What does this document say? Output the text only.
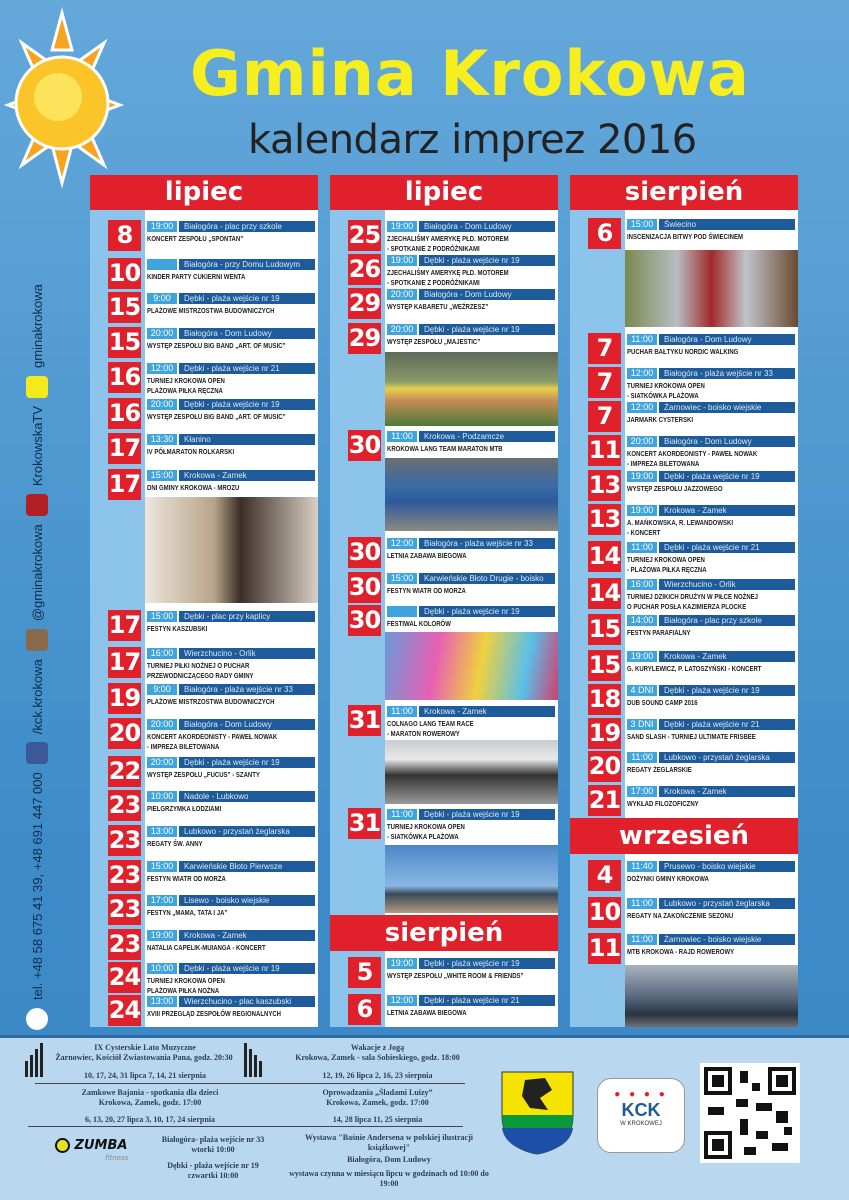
Gmina Krokowa
kalendarz imprez 2016
tel. +48 58 675 41 39, +48 691 447 000
/kck.krokowa
@gminakrokowa
KrokowskaTV
gminakrokowa
lipiec
8	19:00	Białogóra - plac przy szkole
KONCERT ZESPOŁU „SPONTAN”
10	Białogóra - przy Domu Ludowym
KINDER PARTY CUKIERNI WENTA
15	9:00	Dębki - plaża wejście nr 19
PLAŻOWE MISTRZOSTWA BUDOWNICZYCH
15	20:00	Białogóra - Dom Ludowy
WYSTĘP ZESPOŁU BIG BAND „ART. OF MUSIC”
16	12:00	Dębki - plaża wejście nr 21
TURNIEJ KROKOWA OPEN
PLAŻOWA PIŁKA RĘCZNA
16	20:00	Dębki - plaża wejście nr 19
WYSTĘP ZESPOŁU BIG BAND „ART. OF MUSIC”
17	13:30	Kłanino
IV PÓŁMARATON ROLKARSKI
17	15:00	Krokowa - Zamek
DNI GMINY KROKOWA - MROZU
17	15:00	Dębki - plac przy kaplicy
FESTYN KASZUBSKI
17	16:00	Wierzchucino - Orlik
TURNIEJ PIŁKI NOŻNEJ O PUCHAR
PRZEWODNICZĄCEGO RADY GMINY
19	9:00	Białogóra - plaża wejście nr 33
PLAŻOWE MISTRZOSTWA BUDOWNICZYCH
20	20:00	Białogóra - Dom Ludowy
KONCERT AKORDEONISTY - PAWEŁ NOWAK
- IMPREZA BILETOWANA
22	20:00	Dębki - plaża wejście nr 19
WYSTĘP ZESPOŁU „FUCUS” - SZANTY
23	10:00	Nadole - Lubkowo
PIELGRZYMKA ŁODZIAMI
23	13:00	Lubkowo - przystań żeglarska
REGATY ŚW. ANNY
23	15:00	Karwieńskie Błoto Pierwsze
FESTYN WIATR OD MORZA
23	17:00	Lisewo - boisko wiejskie
FESTYN „MAMA, TATA I JA”
23	19:00	Krokowa - Zamek
NATALIA CAPELIK-MUIANGA - KONCERT
24	10:00	Dębki - plaża wejście nr 19
TURNIEJ KROKOWA OPEN
PLAŻOWA PIŁKA NOŻNA
24	13:00	Wierzchucino - plac kaszubski
XVIII PRZEGLĄD ZESPOŁÓW REGIONALNYCH
lipiec
25	19:00	Białogóra - Dom Ludowy
ZJECHALIŚMY AMERYKĘ PŁD. MOTOREM
- SPOTKANIE Z PODRÓŻNIKAMI
26	19:00	Dębki - plaża wejście nr 19
ZJECHALIŚMY AMERYKĘ PŁD. MOTOREM
- SPOTKANIE Z PODRÓŻNIKAMI
29	20:00	Białogóra - Dom Ludowy
WYSTĘP KABARETU „WEŹRZESZ”
29	20:00	Dębki - plaża wejście nr 19
WYSTĘP ZESPOŁU „MAJESTIC”
30	11:00	Krokowa - Podzamcze
KROKOWA LANG TEAM MARATON MTB
30	12:00	Białogóra - plaża wejście nr 33
LETNIA ZABAWA BIEGOWA
30	15:00	Karwieńskie Błoto Drugie - boisko
FESTYN WIATR OD MORZA
30	Dębki - plaża wejście nr 19
FESTIWAL KOLORÓW
31	11:00	Krokowa - Zamek
COLNAGO LANG TEAM RACE
- MARATON ROWEROWY
31	11:00	Dębki - plaża wejście nr 19
TURNIEJ KROKOWA OPEN
- SIATKÓWKA PLAŻOWA
sierpień
5	19:00	Dębki - plaża wejście nr 19
WYSTĘP ZESPOŁU „WHITE ROOM & FRIENDS”
6	12:00	Dębki - plaża wejście nr 21
LETNIA ZABAWA BIEGOWA
sierpień
6	15:00	Świecino
INSCENIZACJA BITWY POD ŚWIECINEM
7	11:00	Białogóra - Dom Ludowy
PUCHAR BAŁTYKU NORDIC WALKING
7	12:00	Białogóra - plaża wejście nr 33
TURNIEJ KROKOWA OPEN
- SIATKÓWKA PLAŻOWA
7	12:00	Żarnowiec - boisko wiejskie
JARMARK CYSTERSKI
11	20:00	Białogóra - Dom Ludowy
KONCERT AKORDEONISTY - PAWEŁ NOWAK
- IMPREZA BILETOWANA
13	19:00	Dębki - plaża wejście nr 19
WYSTĘP ZESPOŁU JAZZOWEGO
13	19:00	Krokowa - Zamek
A. MAŃKOWSKA, R. LEWANDOWSKI
- KONCERT
14	11:00	Dębki - plaża wejście nr 21
TURNIEJ KROKOWA OPEN
- PLAŻOWA PIŁKA RĘCZNA
14	16:00	Wierzchucino - Orlik
TURNIEJ DZIKICH DRUŻYN W PIŁCE NOŻNEJ
O PUCHAR POSŁA KAZIMIERZA PLOCKE
15	14:00	Białogóra - plac przy szkole
FESTYN PARAFIALNY
15	19:00	Krokowa - Zamek
G. KURYLEWICZ, P. LATOSZYŃSKI - KONCERT
18	4 DNI	Dębki - plaża wejście nr 19
DUB SOUND CAMP 2016
19	3 DNI	Dębki - plaża wejście nr 21
SAND SLASH - TURNIEJ ULTIMATE FRISBEE
20	11:00	Lubkowo - przystań żeglarska
REGATY ŻEGLARSKIE
21	17:00	Krokowa - Zamek
WYKŁAD FILOZOFICZNY
wrzesień
4	11:40	Prusewo - boisko wiejskie
DOŻYNKI GMINY KROKOWA
10	11:00	Lubkowo - przystań żeglarska
REGATY NA ZAKOŃCZENIE SEZONU
11	11:00	Żarnowiec - boisko wiejskie
MTB KROKOWA - RAJD ROWEROWY
IX Cysterskie Lato Muzyczne
Żarnowiec, Kościół Zwiastowania Pana, godz. 20:30
10, 17, 24, 31 lipca 7, 14, 21 sierpnia
Wakacje z Jogą
Krokowa, Zamek - sala Sobieskiego, godz. 18:00
12, 19, 26 lipca 2, 16, 23 sierpnia
Zamkowe Bajania - spotkania dla dzieci
Krokowa, Zamek, godz. 17:00
6, 13, 20, 27 lipca 3, 10, 17, 24 sierpnia
Oprowadzania „Śladami Luizy”
Krokowa, Zamek, godz. 17:00
14, 28 lipca 11, 25 sierpnia
ZUMBA
fitness
Białogóra- plaża wejście nr 33
wtorki 10:00
Dębki - plaża wejście nr 19
czwartki 10:00
Wystawa "Baśnie Andersena w polskiej ilustracji książkowej"
Białogóra, Dom Ludowy
wystawa czynna w miesiącu lipcu w godzinach od 10:00 do 19:00
● ● ● ●
KCK
W KROKOWEJ
